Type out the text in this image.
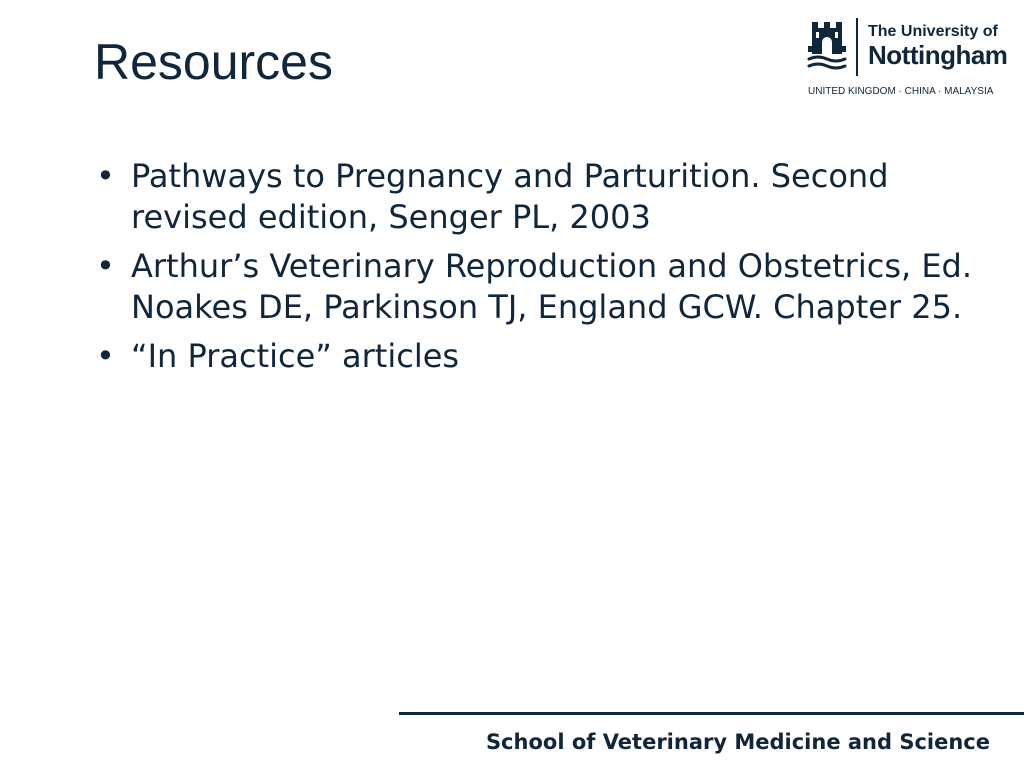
Resources
The University of
Nottingham
UNITED KINGDOM · CHINA · MALAYSIA
• Pathways to Pregnancy and Parturition. Second revised edition, Senger PL, 2003
• Arthur’s Veterinary Reproduction and Obstetrics, Ed. Noakes DE, Parkinson TJ, England GCW. Chapter 25.
• “In Practice” articles
School of Veterinary Medicine and Science
